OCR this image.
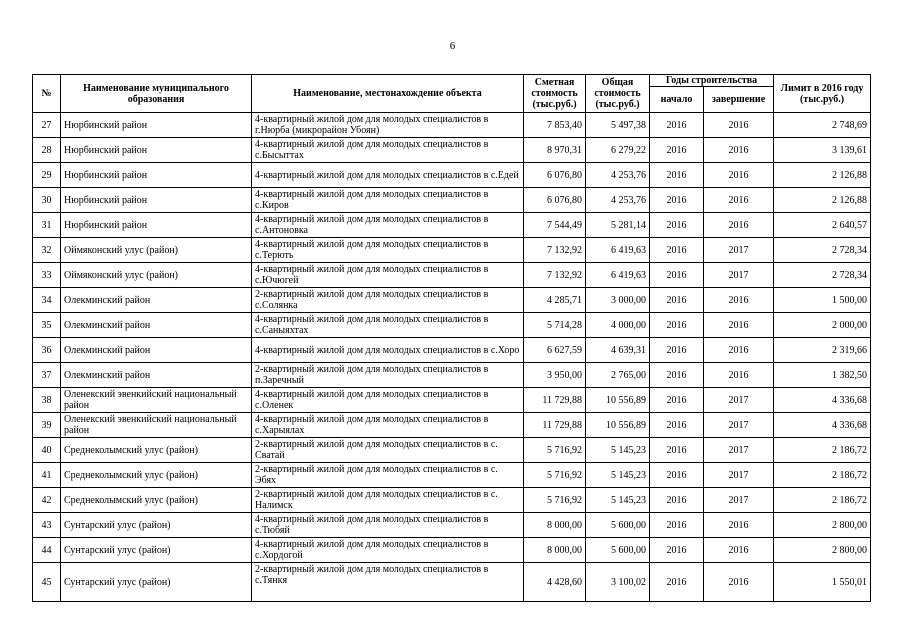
6
№	Наименование муниципального образования	Наименование, местонахождение объекта	Сметная стоимость (тыс.руб.)	Общая стоимость (тыс.руб.)	Годы строительства		Лимит в 2016 году (тыс.руб.)
					начало	завершение	
27	Нюрбинский район	4-квартирный жилой дом для молодых специалистов в г.Нюрба (микрорайон Убоян)	7 853,40	5 497,38	2016	2016	2 748,69
28	Нюрбинский район	4-квартирный жилой дом для молодых специалистов в с.Бысыттах	8 970,31	6 279,22	2016	2016	3 139,61
29	Нюрбинский район	4-квартирный жилой дом для молодых специалистов в с.Едей	6 076,80	4 253,76	2016	2016	2 126,88
30	Нюрбинский район	4-квартирный жилой дом для молодых специалистов в с.Киров	6 076,80	4 253,76	2016	2016	2 126,88
31	Нюрбинский район	4-квартирный жилой дом для молодых специалистов в с.Антоновка	7 544,49	5 281,14	2016	2016	2 640,57
32	Оймяконский улус (район)	4-квартирный жилой дом для молодых специалистов в с.Терють	7 132,92	6 419,63	2016	2017	2 728,34
33	Оймяконский улус (район)	4-квартирный жилой дом для молодых специалистов в с.Ючюгей	7 132,92	6 419,63	2016	2017	2 728,34
34	Олекминский район	2-квартирный жилой дом для молодых специалистов в с.Солянка	4 285,71	3 000,00	2016	2016	1 500,00
35	Олекминский район	4-квартирный жилой дом для молодых специалистов в с.Саныяхтах	5 714,28	4 000,00	2016	2016	2 000,00
36	Олекминский район	4-квартирный жилой дом для молодых специалистов в с.Хоро	6 627,59	4 639,31	2016	2016	2 319,66
37	Олекминский район	2-квартирный жилой дом для молодых специалистов в п.Заречный	3 950,00	2 765,00	2016	2016	1 382,50
38	Оленекский эвенкийский национальный район	4-квартирный жилой дом для молодых специалистов в с.Оленек	11 729,88	10 556,89	2016	2017	4 336,68
39	Оленекский эвенкийский национальный район	4-квартирный жилой дом для молодых специалистов в с.Харыялах	11 729,88	10 556,89	2016	2017	4 336,68
40	Среднеколымский улус (район)	2-квартирный жилой дом для молодых специалистов в с. Сватай	5 716,92	5 145,23	2016	2017	2 186,72
41	Среднеколымский улус (район)	2-квартирный жилой дом для молодых специалистов в с. Эбях	5 716,92	5 145,23	2016	2017	2 186,72
42	Среднеколымский улус (район)	2-квартирный жилой дом для молодых специалистов в с. Налимск	5 716,92	5 145,23	2016	2017	2 186,72
43	Сунтарский улус (район)	4-квартирный жилой дом для молодых специалистов в с.Тюбяй	8 000,00	5 600,00	2016	2016	2 800,00
44	Сунтарский улус (район)	4-квартирный жилой дом для молодых специалистов в с.Хордогой	8 000,00	5 600,00	2016	2016	2 800,00
45	Сунтарский улус (район)	2-квартирный жилой дом для молодых специалистов в с.Тянкя	4 428,60	3 100,02	2016	2016	1 550,01
